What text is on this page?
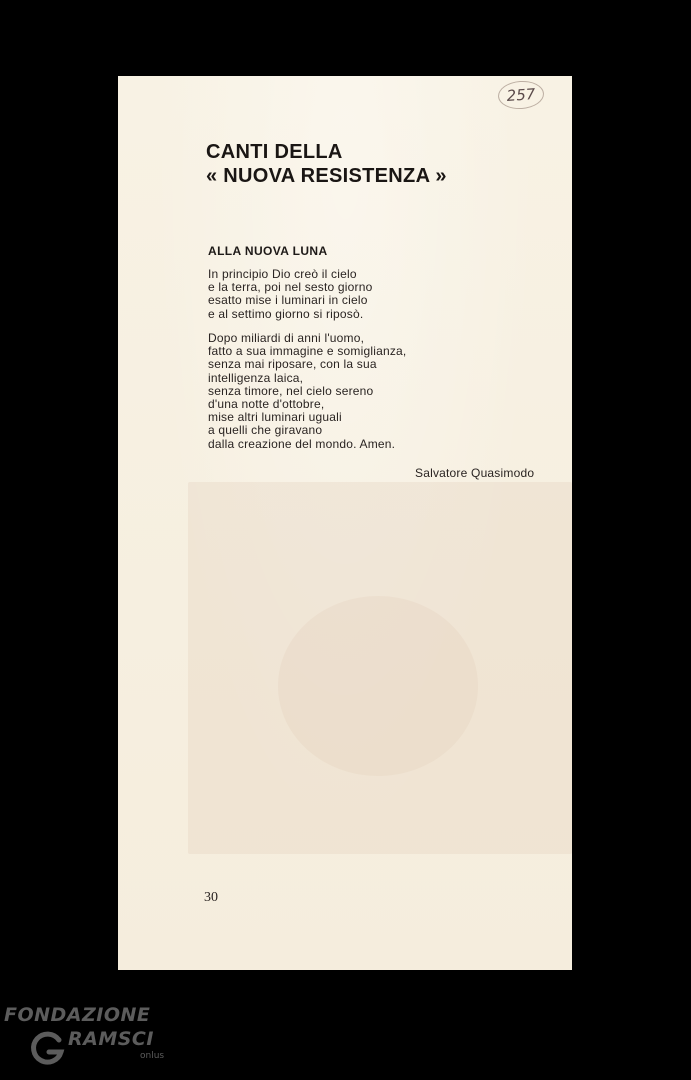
257
CANTI DELLA
« NUOVA RESISTENZA »
ALLA NUOVA LUNA

In principio Dio creò il cielo
e la terra, poi nel sesto giorno
esatto mise i luminari in cielo
e al settimo giorno si riposò.

Dopo miliardi di anni l'uomo,
fatto a sua immagine e somiglianza,
senza mai riposare, con la sua
intelligenza laica,
senza timore, nel cielo sereno
d'una notte d'ottobre,
mise altri luminari uguali
a quelli che giravano
dalla creazione del mondo. Amen.

Salvatore Quasimodo
30
FONDAZIONE
RAMSCI
onlus
